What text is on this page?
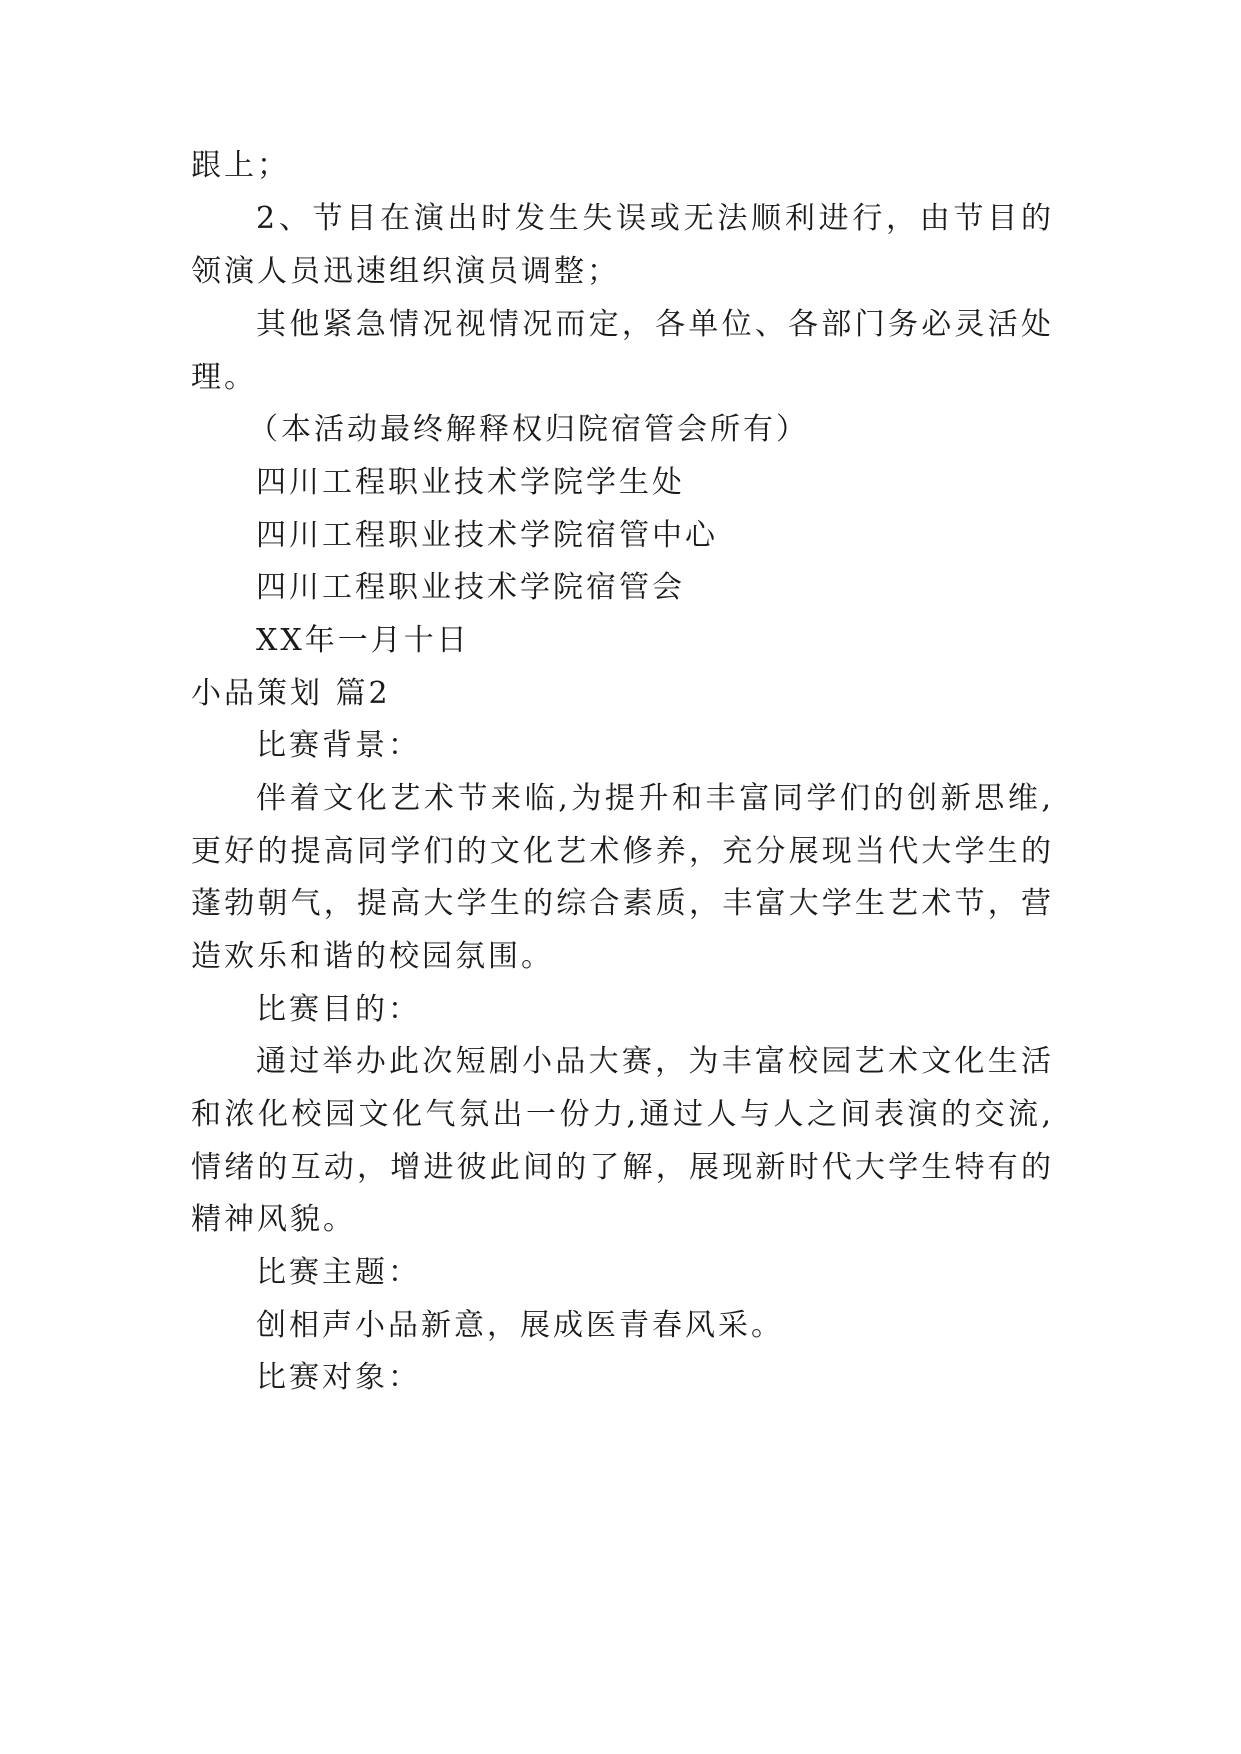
跟上；
2、节目在演出时发生失误或无法顺利进行，由节目的
领演人员迅速组织演员调整；
其他紧急情况视情况而定，各单位、各部门务必灵活处
理。
（本活动最终解释权归院宿管会所有）
四川工程职业技术学院学生处
四川工程职业技术学院宿管中心
四川工程职业技术学院宿管会
XX年一月十日
小品策划 篇2
比赛背景：
伴着文化艺术节来临,为提升和丰富同学们的创新思维,
更好的提高同学们的文化艺术修养，充分展现当代大学生的
蓬勃朝气，提高大学生的综合素质，丰富大学生艺术节，营
造欢乐和谐的校园氛围。
比赛目的：
通过举办此次短剧小品大赛，为丰富校园艺术文化生活
和浓化校园文化气氛出一份力,通过人与人之间表演的交流,
情绪的互动，增进彼此间的了解，展现新时代大学生特有的
精神风貌。
比赛主题：
创相声小品新意，展成医青春风采。
比赛对象：
